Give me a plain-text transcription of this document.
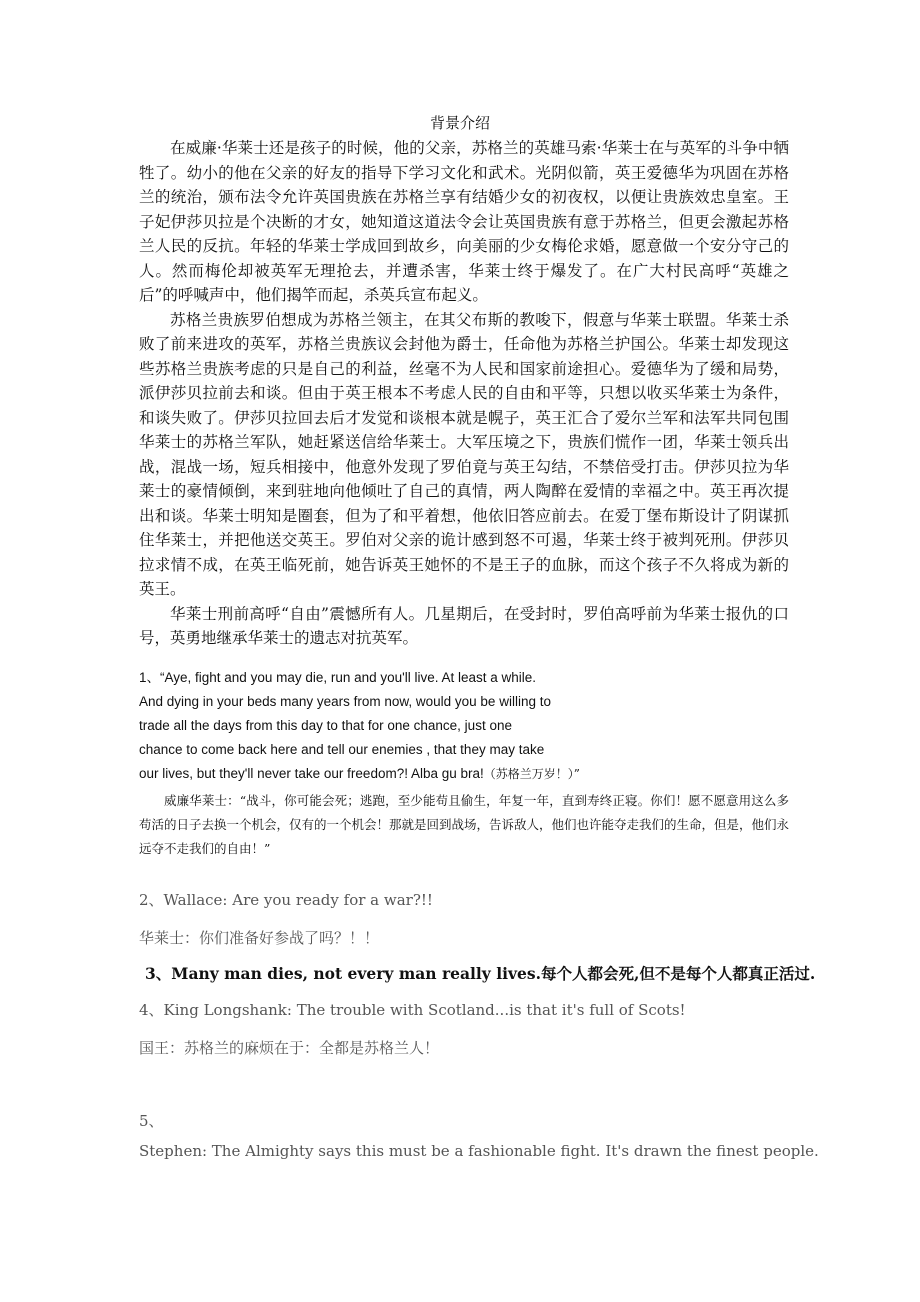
背景介绍

在威廉·华莱士还是孩子的时候，他的父亲，苏格兰的英雄马索·华莱士在与英军的斗争中牺牲了。幼小的他在父亲的好友的指导下学习文化和武术。光阴似箭，英王爱德华为巩固在苏格兰的统治，颁布法令允许英国贵族在苏格兰享有结婚少女的初夜权，以便让贵族效忠皇室。王子妃伊莎贝拉是个决断的才女，她知道这道法令会让英国贵族有意于苏格兰，但更会激起苏格兰人民的反抗。年轻的华莱士学成回到故乡，向美丽的少女梅伦求婚，愿意做一个安分守己的人。然而梅伦却被英军无理抢去，并遭杀害，华莱士终于爆发了。在广大村民高呼“英雄之后”的呼喊声中，他们揭竿而起，杀英兵宣布起义。

苏格兰贵族罗伯想成为苏格兰领主，在其父布斯的教唆下，假意与华莱士联盟。华莱士杀败了前来进攻的英军，苏格兰贵族议会封他为爵士，任命他为苏格兰护国公。华莱士却发现这些苏格兰贵族考虑的只是自己的利益，丝毫不为人民和国家前途担心。爱德华为了缓和局势，派伊莎贝拉前去和谈。但由于英王根本不考虑人民的自由和平等，只想以收买华莱士为条件，和谈失败了。伊莎贝拉回去后才发觉和谈根本就是幌子，英王汇合了爱尔兰军和法军共同包围华莱士的苏格兰军队，她赶紧送信给华莱士。大军压境之下，贵族们慌作一团，华莱士领兵出战，混战一场，短兵相接中，他意外发现了罗伯竟与英王勾结，不禁倍受打击。伊莎贝拉为华莱士的豪情倾倒，来到驻地向他倾吐了自己的真情，两人陶醉在爱情的幸福之中。英王再次提出和谈。华莱士明知是圈套，但为了和平着想，他依旧答应前去。在爱丁堡布斯设计了阴谋抓住华莱士，并把他送交英王。罗伯对父亲的诡计感到怒不可遏，华莱士终于被判死刑。伊莎贝拉求情不成，在英王临死前，她告诉英王她怀的不是王子的血脉，而这个孩子不久将成为新的英王。

华莱士刑前高呼“自由”震憾所有人。几星期后，在受封时，罗伯高呼前为华莱士报仇的口号，英勇地继承华莱士的遗志对抗英军。

1、“Aye, fight and you may die, run and you'll live. At least a while.
And dying in your beds many years from now, would you be willing to
trade all the days from this day to that for one chance, just one
chance to come back here and tell our enemies , that they may take
our lives, but they'll never take our freedom?! Alba gu bra!（苏格兰万岁！）”

威廉华莱士：“战斗，你可能会死；逃跑，至少能苟且偷生，年复一年，直到寿终正寝。你们！愿不愿意用这么多苟活的日子去换一个机会，仅有的一个机会！那就是回到战场，告诉敌人，他们也许能夺走我们的生命，但是，他们永远夺不走我们的自由！”

2、Wallace: Are you ready for a war?!!
华莱士：你们准备好参战了吗？！！
3、Many man dies, not every man really lives.每个人都会死,但不是每个人都真正活过.
4、King Longshank: The trouble with Scotland...is that it's full of Scots!
国王：苏格兰的麻烦在于：全都是苏格兰人！
5、
Stephen: The Almighty says this must be a fashionable fight. It's drawn the finest people.
